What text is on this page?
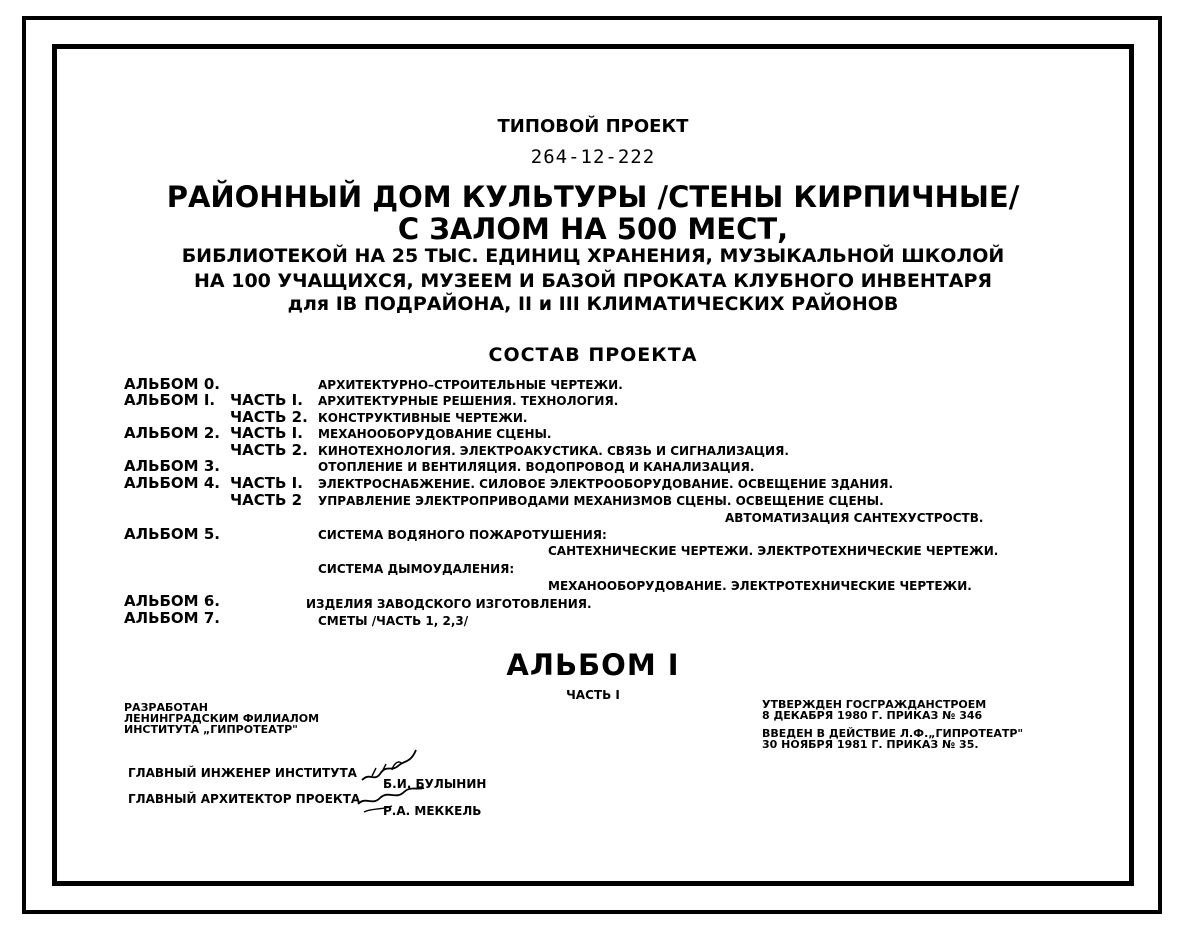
ТИПОВОЙ ПРОЕКТ
264-12-222
РАЙОННЫЙ ДОМ КУЛЬТУРЫ /СТЕНЫ КИРПИЧНЫЕ/
С ЗАЛОМ НА 500 МЕСТ,
БИБЛИОТЕКОЙ НА 25 ТЫС. ЕДИНИЦ ХРАНЕНИЯ, МУЗЫКАЛЬНОЙ ШКОЛОЙ
НА 100 УЧАЩИХСЯ, МУЗЕЕМ И БАЗОЙ ПРОКАТА КЛУБНОГО ИНВЕНТАРЯ
для IB ПОДРАЙОНА, II и III КЛИМАТИЧЕСКИХ РАЙОНОВ
СОСТАВ ПРОЕКТА
АЛЬБОМ 0.	АРХИТЕКТУРНО–СТРОИТЕЛЬНЫЕ ЧЕРТЕЖИ.
АЛЬБОМ I. ЧАСТЬ I. АРХИТЕКТУРНЫЕ РЕШЕНИЯ. ТЕХНОЛОГИЯ.
ЧАСТЬ 2. КОНСТРУКТИВНЫЕ ЧЕРТЕЖИ.
АЛЬБОМ 2. ЧАСТЬ I. МЕХАНООБОРУДОВАНИЕ СЦЕНЫ.
ЧАСТЬ 2. КИНОТЕХНОЛОГИЯ. ЭЛЕКТРОАКУСТИКА. СВЯЗЬ И СИГНАЛИЗАЦИЯ.
АЛЬБОМ 3.	ОТОПЛЕНИЕ И ВЕНТИЛЯЦИЯ. ВОДОПРОВОД И КАНАЛИЗАЦИЯ.
АЛЬБОМ 4. ЧАСТЬ I. ЭЛЕКТРОСНАБЖЕНИЕ. СИЛОВОЕ ЭЛЕКТРООБОРУДОВАНИЕ. ОСВЕЩЕНИЕ ЗДАНИЯ.
ЧАСТЬ 2 УПРАВЛЕНИЕ ЭЛЕКТРОПРИВОДАМИ МЕХАНИЗМОВ СЦЕНЫ. ОСВЕЩЕНИЕ СЦЕНЫ.
АВТОМАТИЗАЦИЯ САНТЕХУСТРОСТВ.
АЛЬБОМ 5.	СИСТЕМА ВОДЯНОГО ПОЖАРОТУШЕНИЯ:
САНТЕХНИЧЕСКИЕ ЧЕРТЕЖИ. ЭЛЕКТРОТЕХНИЧЕСКИЕ ЧЕРТЕЖИ.
СИСТЕМА ДЫМОУДАЛЕНИЯ:
МЕХАНООБОРУДОВАНИЕ. ЭЛЕКТРОТЕХНИЧЕСКИЕ ЧЕРТЕЖИ.
АЛЬБОМ 6.	ИЗДЕЛИЯ ЗАВОДСКОГО ИЗГОТОВЛЕНИЯ.
АЛЬБОМ 7.	СМЕТЫ /ЧАСТЬ 1, 2,3/
АЛЬБОМ I
ЧАСТЬ I
РАЗРАБОТАН
ЛЕНИНГРАДСКИМ ФИЛИАЛОМ
ИНСТИТУТА „ГИПРОТЕАТР"
УТВЕРЖДЕН ГОСГРАЖДАНСТРОЕМ
8 ДЕКАБРЯ 1980 Г. ПРИКАЗ № 346
ВВЕДЕН В ДЕЙСТВИЕ Л.Ф.„ГИПРОТЕАТР"
30 НОЯБРЯ 1981 Г. ПРИКАЗ № 35.
ГЛАВНЫЙ ИНЖЕНЕР ИНСТИТУТА
Б.И. БУЛЫНИН
ГЛАВНЫЙ АРХИТЕКТОР ПРОЕКТА
Р.А. МЕККЕЛЬ
